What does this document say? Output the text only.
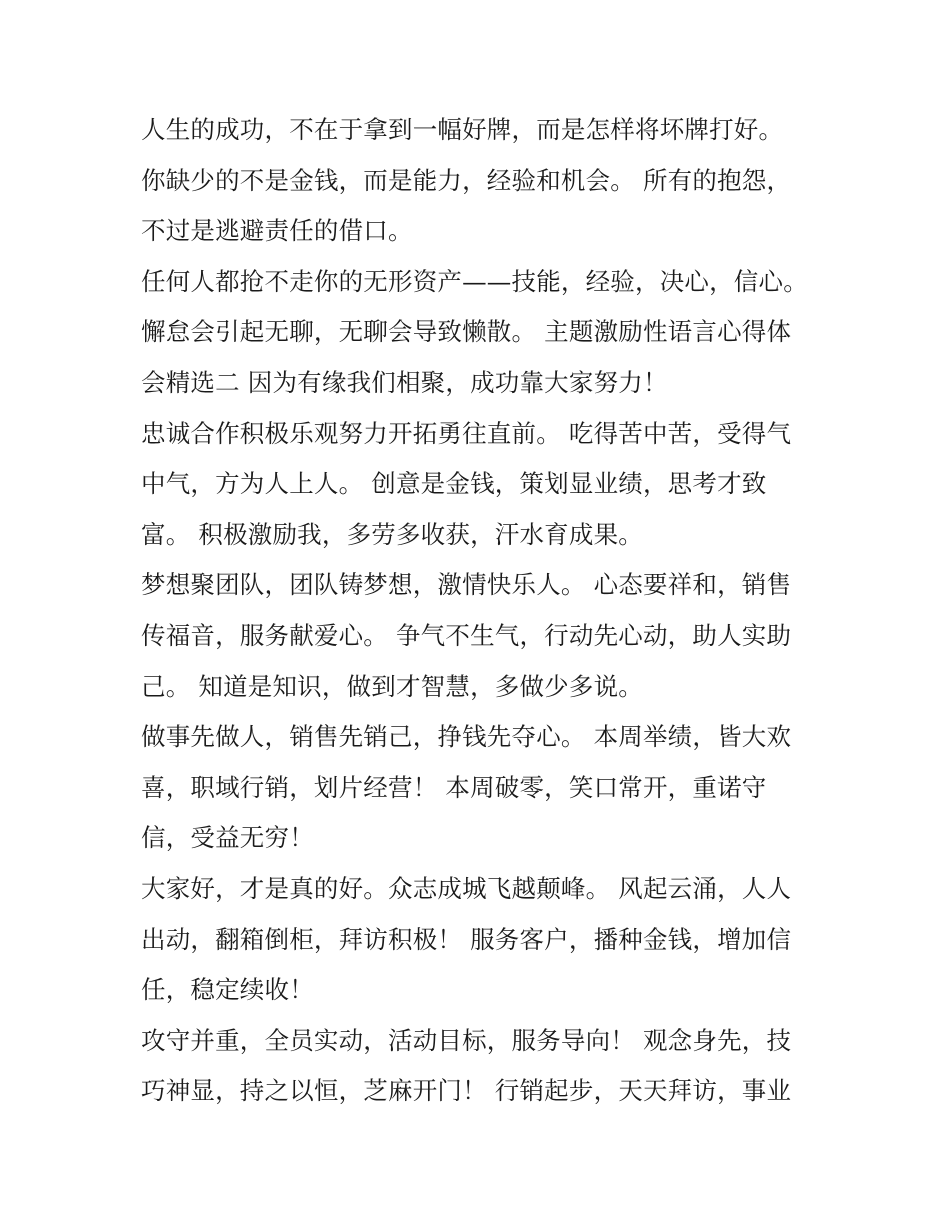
人生的成功，不在于拿到一幅好牌，而是怎样将坏牌打好。
你缺少的不是金钱，而是能力，经验和机会。 所有的抱怨，
不过是逃避责任的借口。
任何人都抢不走你的无形资产——技能，经验，决心，信心。
懈怠会引起无聊，无聊会导致懒散。 主题激励性语言心得体
会精选二 因为有缘我们相聚，成功靠大家努力！
忠诚合作积极乐观努力开拓勇往直前。 吃得苦中苦，受得气
中气，方为人上人。 创意是金钱，策划显业绩，思考才致
富。 积极激励我，多劳多收获，汗水育成果。
梦想聚团队，团队铸梦想，激情快乐人。 心态要祥和，销售
传福音，服务献爱心。 争气不生气，行动先心动，助人实助
己。 知道是知识，做到才智慧，多做少多说。
做事先做人，销售先销己，挣钱先夺心。 本周举绩，皆大欢
喜，职域行销，划片经营！ 本周破零，笑口常开，重诺守
信，受益无穷！
大家好，才是真的好。众志成城飞越颠峰。 风起云涌，人人
出动，翻箱倒柜，拜访积极！ 服务客户，播种金钱，增加信
任，稳定续收！
攻守并重，全员实动，活动目标，服务导向！ 观念身先，技
巧神显，持之以恒，芝麻开门！ 行销起步，天天拜访，事业
